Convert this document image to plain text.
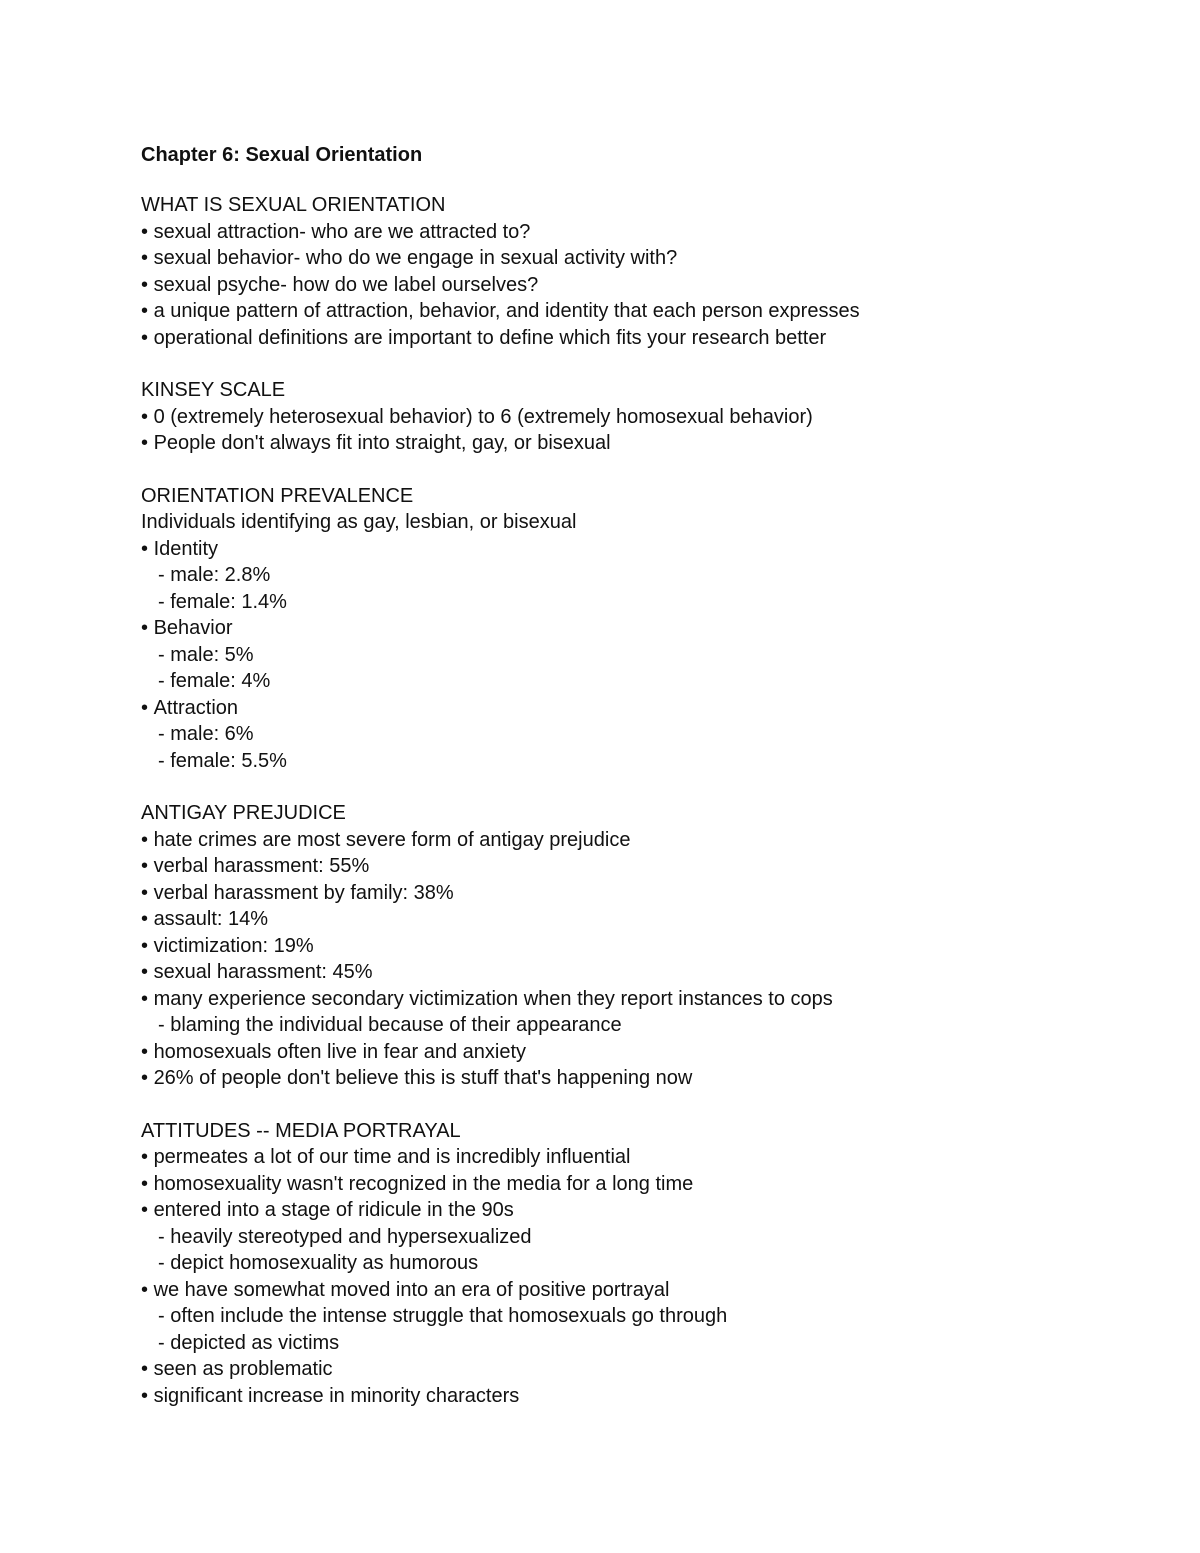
Chapter 6: Sexual Orientation
WHAT IS SEXUAL ORIENTATION
• sexual attraction- who are we attracted to?
• sexual behavior- who do we engage in sexual activity with?
• sexual psyche- how do we label ourselves?
• a unique pattern of attraction, behavior, and identity that each person expresses
• operational definitions are important to define which fits your research better
KINSEY SCALE
• 0 (extremely heterosexual behavior) to 6 (extremely homosexual behavior)
• People don't always fit into straight, gay, or bisexual
ORIENTATION PREVALENCE
Individuals identifying as gay, lesbian, or bisexual
• Identity
- male: 2.8%
- female: 1.4%
• Behavior
- male: 5%
- female: 4%
• Attraction
- male: 6%
- female: 5.5%
ANTIGAY PREJUDICE
• hate crimes are most severe form of antigay prejudice
• verbal harassment: 55%
• verbal harassment by family: 38%
• assault: 14%
• victimization: 19%
• sexual harassment: 45%
• many experience secondary victimization when they report instances to cops
- blaming the individual because of their appearance
• homosexuals often live in fear and anxiety
• 26% of people don't believe this is stuff that's happening now
ATTITUDES -- MEDIA PORTRAYAL
• permeates a lot of our time and is incredibly influential
• homosexuality wasn't recognized in the media for a long time
• entered into a stage of ridicule in the 90s
- heavily stereotyped and hypersexualized
- depict homosexuality as humorous
• we have somewhat moved into an era of positive portrayal
- often include the intense struggle that homosexuals go through
- depicted as victims
• seen as problematic
• significant increase in minority characters
